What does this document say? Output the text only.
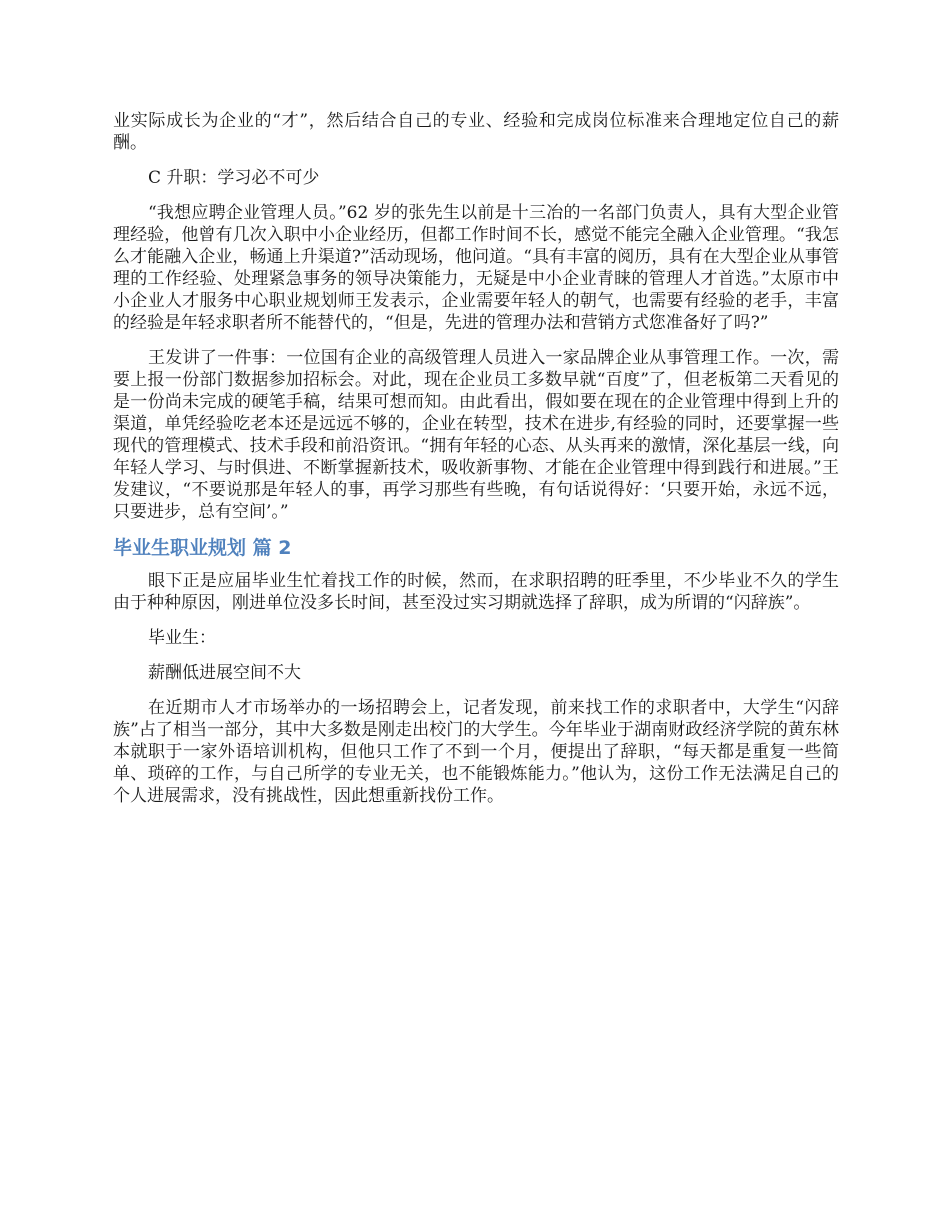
业实际成长为企业的“才”，然后结合自己的专业、经验和完成岗位标准来合理地定位自己的薪酬。

C 升职：学习必不可少

“我想应聘企业管理人员。”62 岁的张先生以前是十三冶的一名部门负责人，具有大型企业管理经验，他曾有几次入职中小企业经历，但都工作时间不长，感觉不能完全融入企业管理。“我怎么才能融入企业，畅通上升渠道?”活动现场，他问道。“具有丰富的阅历，具有在大型企业从事管理的工作经验、处理紧急事务的领导决策能力，无疑是中小企业青睐的管理人才首选。”太原市中小企业人才服务中心职业规划师王发表示，企业需要年轻人的朝气，也需要有经验的老手，丰富的经验是年轻求职者所不能替代的，“但是，先进的管理办法和营销方式您准备好了吗?”

王发讲了一件事：一位国有企业的高级管理人员进入一家品牌企业从事管理工作。一次，需要上报一份部门数据参加招标会。对此，现在企业员工多数早就“百度”了，但老板第二天看见的是一份尚未完成的硬笔手稿，结果可想而知。由此看出，假如要在现在的企业管理中得到上升的渠道，单凭经验吃老本还是远远不够的，企业在转型，技术在进步,有经验的同时，还要掌握一些现代的管理模式、技术手段和前沿资讯。“拥有年轻的心态、从头再来的激情，深化基层一线，向年轻人学习、与时俱进、不断掌握新技术，吸收新事物、才能在企业管理中得到践行和进展。”王发建议，“不要说那是年轻人的事，再学习那些有些晚，有句话说得好：‘只要开始，永远不远，只要进步，总有空间’。”

毕业生职业规划 篇 2

眼下正是应届毕业生忙着找工作的时候，然而，在求职招聘的旺季里，不少毕业不久的学生由于种种原因，刚进单位没多长时间，甚至没过实习期就选择了辞职，成为所谓的“闪辞族”。

毕业生：

薪酬低进展空间不大

在近期市人才市场举办的一场招聘会上，记者发现，前来找工作的求职者中，大学生“闪辞族”占了相当一部分，其中大多数是刚走出校门的大学生。今年毕业于湖南财政经济学院的黄东林本就职于一家外语培训机构，但他只工作了不到一个月，便提出了辞职，“每天都是重复一些简单、琐碎的工作，与自己所学的专业无关，也不能锻炼能力。”他认为，这份工作无法满足自己的个人进展需求，没有挑战性，因此想重新找份工作。
